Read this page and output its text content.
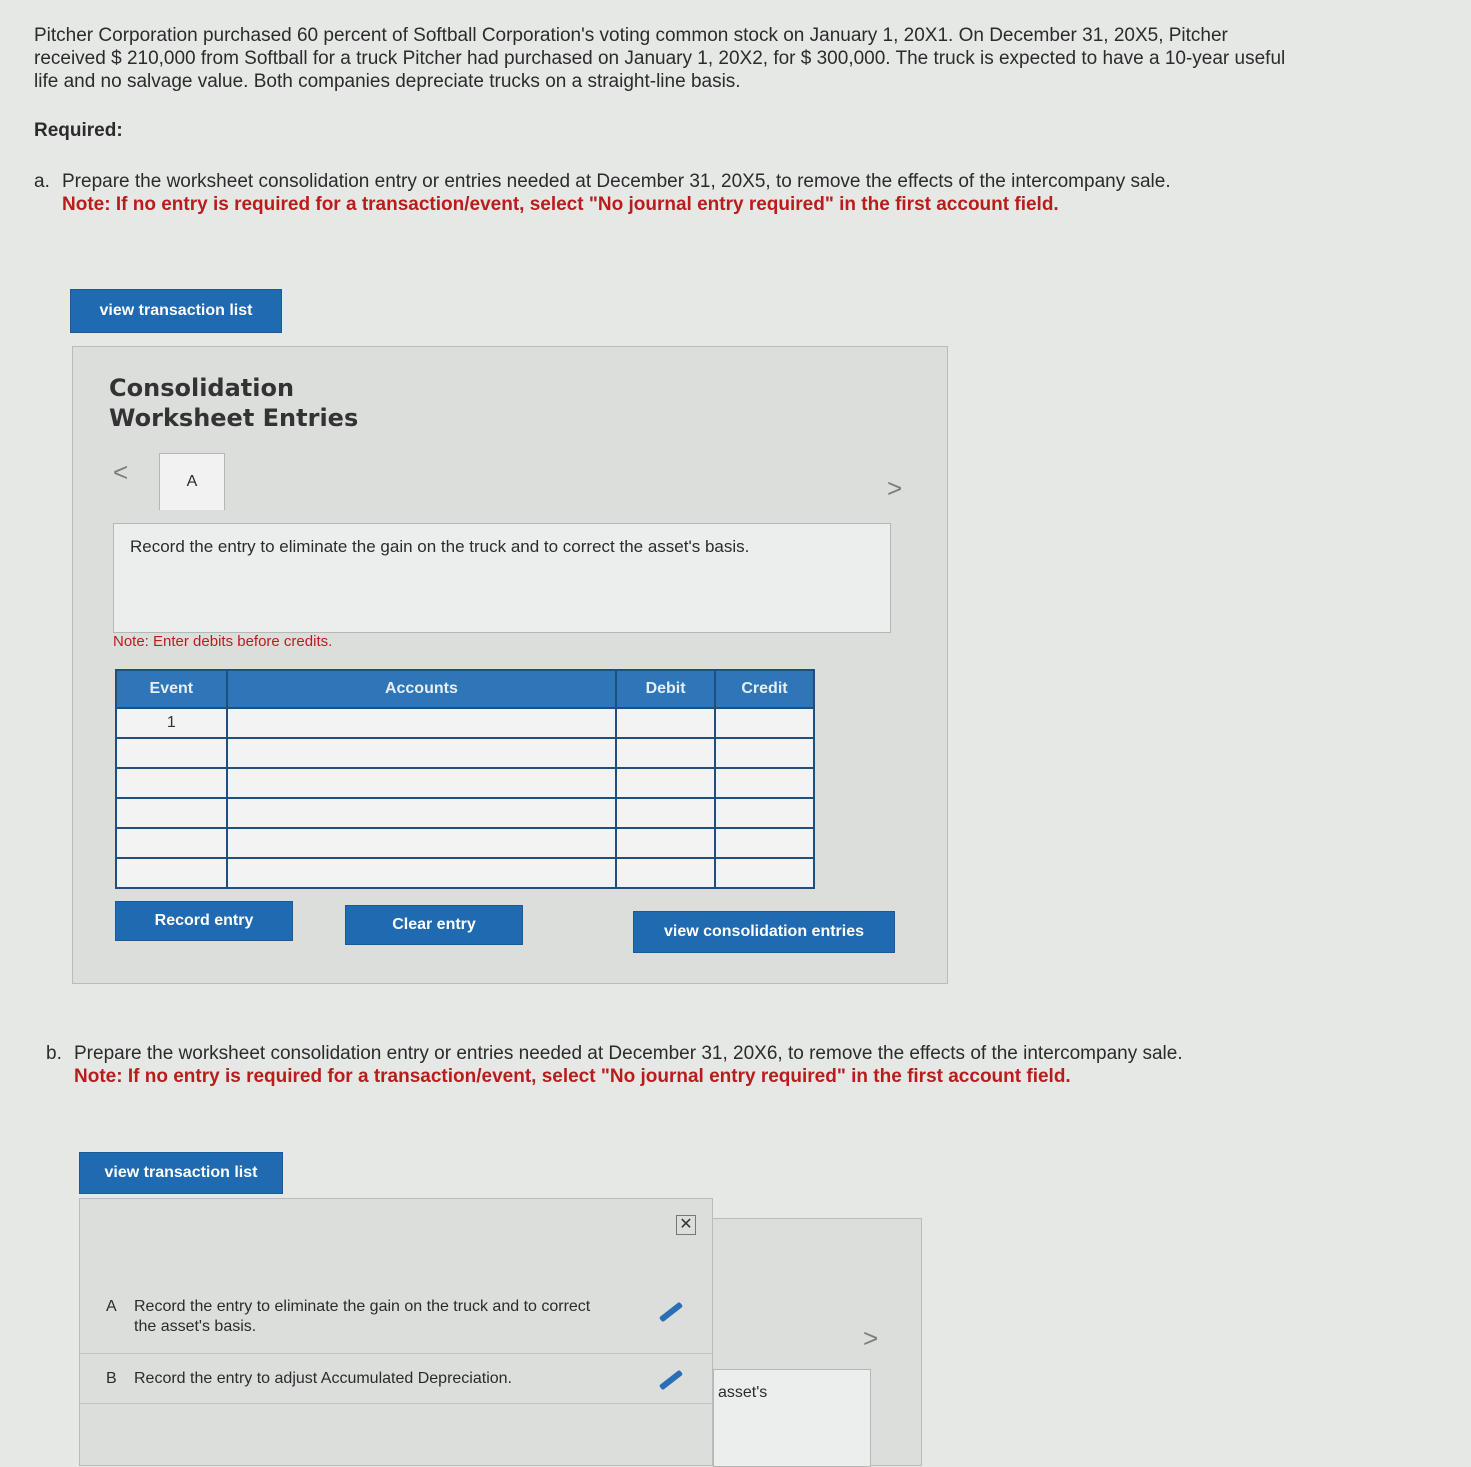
Pitcher Corporation purchased 60 percent of Softball Corporation's voting common stock on January 1, 20X1. On December 31, 20X5, Pitcher received $ 210,000 from Softball for a truck Pitcher had purchased on January 1, 20X2, for $ 300,000. The truck is expected to have a 10-year useful life and no salvage value. Both companies depreciate trucks on a straight-line basis.
Required:
a. Prepare the worksheet consolidation entry or entries needed at December 31, 20X5, to remove the effects of the intercompany sale.
Note: If no entry is required for a transaction/event, select "No journal entry required" in the first account field.
view transaction list
Consolidation
Worksheet Entries
<	A	>
Record the entry to eliminate the gain on the truck and to correct the asset's basis.
Note: Enter debits before credits.
Event	Accounts	Debit	Credit
1			

Record entry	Clear entry	view consolidation entries
b. Prepare the worksheet consolidation entry or entries needed at December 31, 20X6, to remove the effects of the intercompany sale.
Note: If no entry is required for a transaction/event, select "No journal entry required" in the first account field.
view transaction list
>
asset's
✕
A Record the entry to eliminate the gain on the truck and to correct the asset's basis.
B Record the entry to adjust Accumulated Depreciation.
